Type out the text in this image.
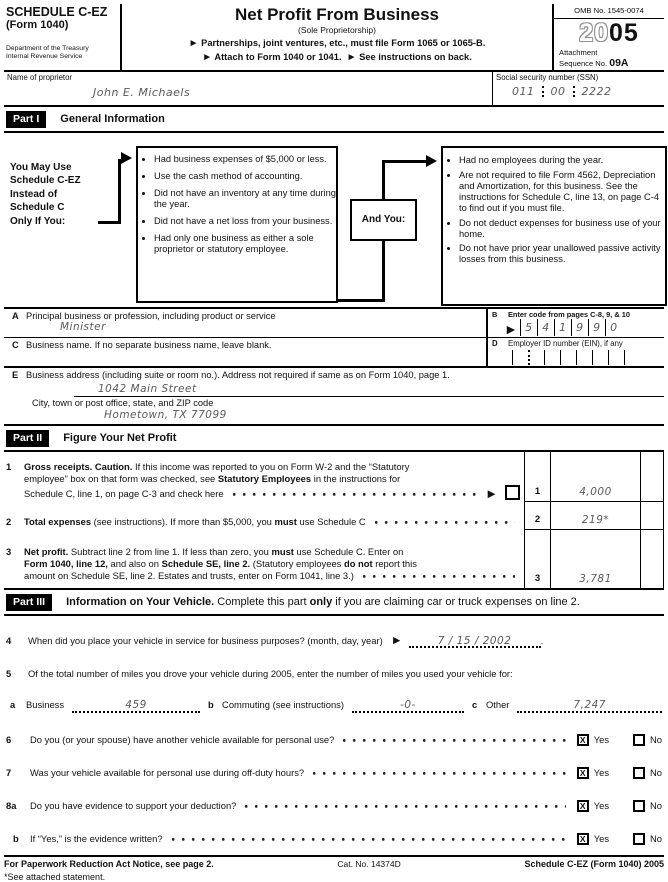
SCHEDULE C-EZ
(Form 1040)
Department of the Treasury
Internal Revenue Service
Net Profit From Business
(Sole Proprietorship)
► Partnerships, joint ventures, etc., must file Form 1065 or 1065-B.
► Attach to Form 1040 or 1041. ► See instructions on back.
OMB No. 1545-0074
2005
Attachment
Sequence No. 09A
Name of proprietor
John E. Michaels
Social security number (SSN)
011 00 2222
Part I	General Information
You May Use
Schedule C-EZ
Instead of
Schedule C
Only If You:
• Had business expenses of $5,000 or less.
• Use the cash method of accounting.
• Did not have an inventory at any time during the year.
• Did not have a net loss from your business.
• Had only one business as either a sole proprietor or statutory employee.
And You:
• Had no employees during the year.
• Are not required to file Form 4562, Depreciation and Amortization, for this business. See the instructions for Schedule C, line 13, on page C-4 to find out if you must file.
• Do not deduct expenses for business use of your home.
• Do not have prior year unallowed passive activity losses from this business.
A Principal business or profession, including product or service
Minister
B	Enter code from pages C-8, 9, & 10
► 5 4 1 9 9 0
C Business name. If no separate business name, leave blank.	D	Employer ID number (EIN), if any
E Business address (including suite or room no.). Address not required if same as on Form 1040, page 1.
1042 Main Street
City, town or post office, state, and ZIP code
Hometown, TX 77099
Part II	Figure Your Net Profit
1 Gross receipts. Caution. If this income was reported to you on Form W-2 and the “Statutory
employee” box on that form was checked, see Statutory Employees in the instructions for
Schedule C, line 1, on page C-3 and check here	►	1	4,000
2 Total expenses (see instructions). If more than $5,000, you must use Schedule C	2	219*
3 Net profit. Subtract line 2 from line 1. If less than zero, you must use Schedule C. Enter on
Form 1040, line 12, and also on Schedule SE, line 2. (Statutory employees do not report this
amount on Schedule SE, line 2. Estates and trusts, enter on Form 1041, line 3.)	3	3,781
Part III	Information on Your Vehicle. Complete this part only if you are claiming car or truck expenses on line 2.
4	When did you place your vehicle in service for business purposes? (month, day, year) ►	7 / 15 / 2002	.
5	Of the total number of miles you drove your vehicle during 2005, enter the number of miles you used your vehicle for:
a	Business	459	b Commuting (see instructions)	-0-	c Other	7,247
6	Do you (or your spouse) have another vehicle available for personal use?	X Yes	No
7	Was your vehicle available for personal use during off-duty hours?	X Yes	No
8a	Do you have evidence to support your deduction?	X Yes	No
b	If “Yes,” is the evidence written?	X Yes	No
For Paperwork Reduction Act Notice, see page 2.	Cat. No. 14374D	Schedule C-EZ (Form 1040) 2005
*See attached statement.
